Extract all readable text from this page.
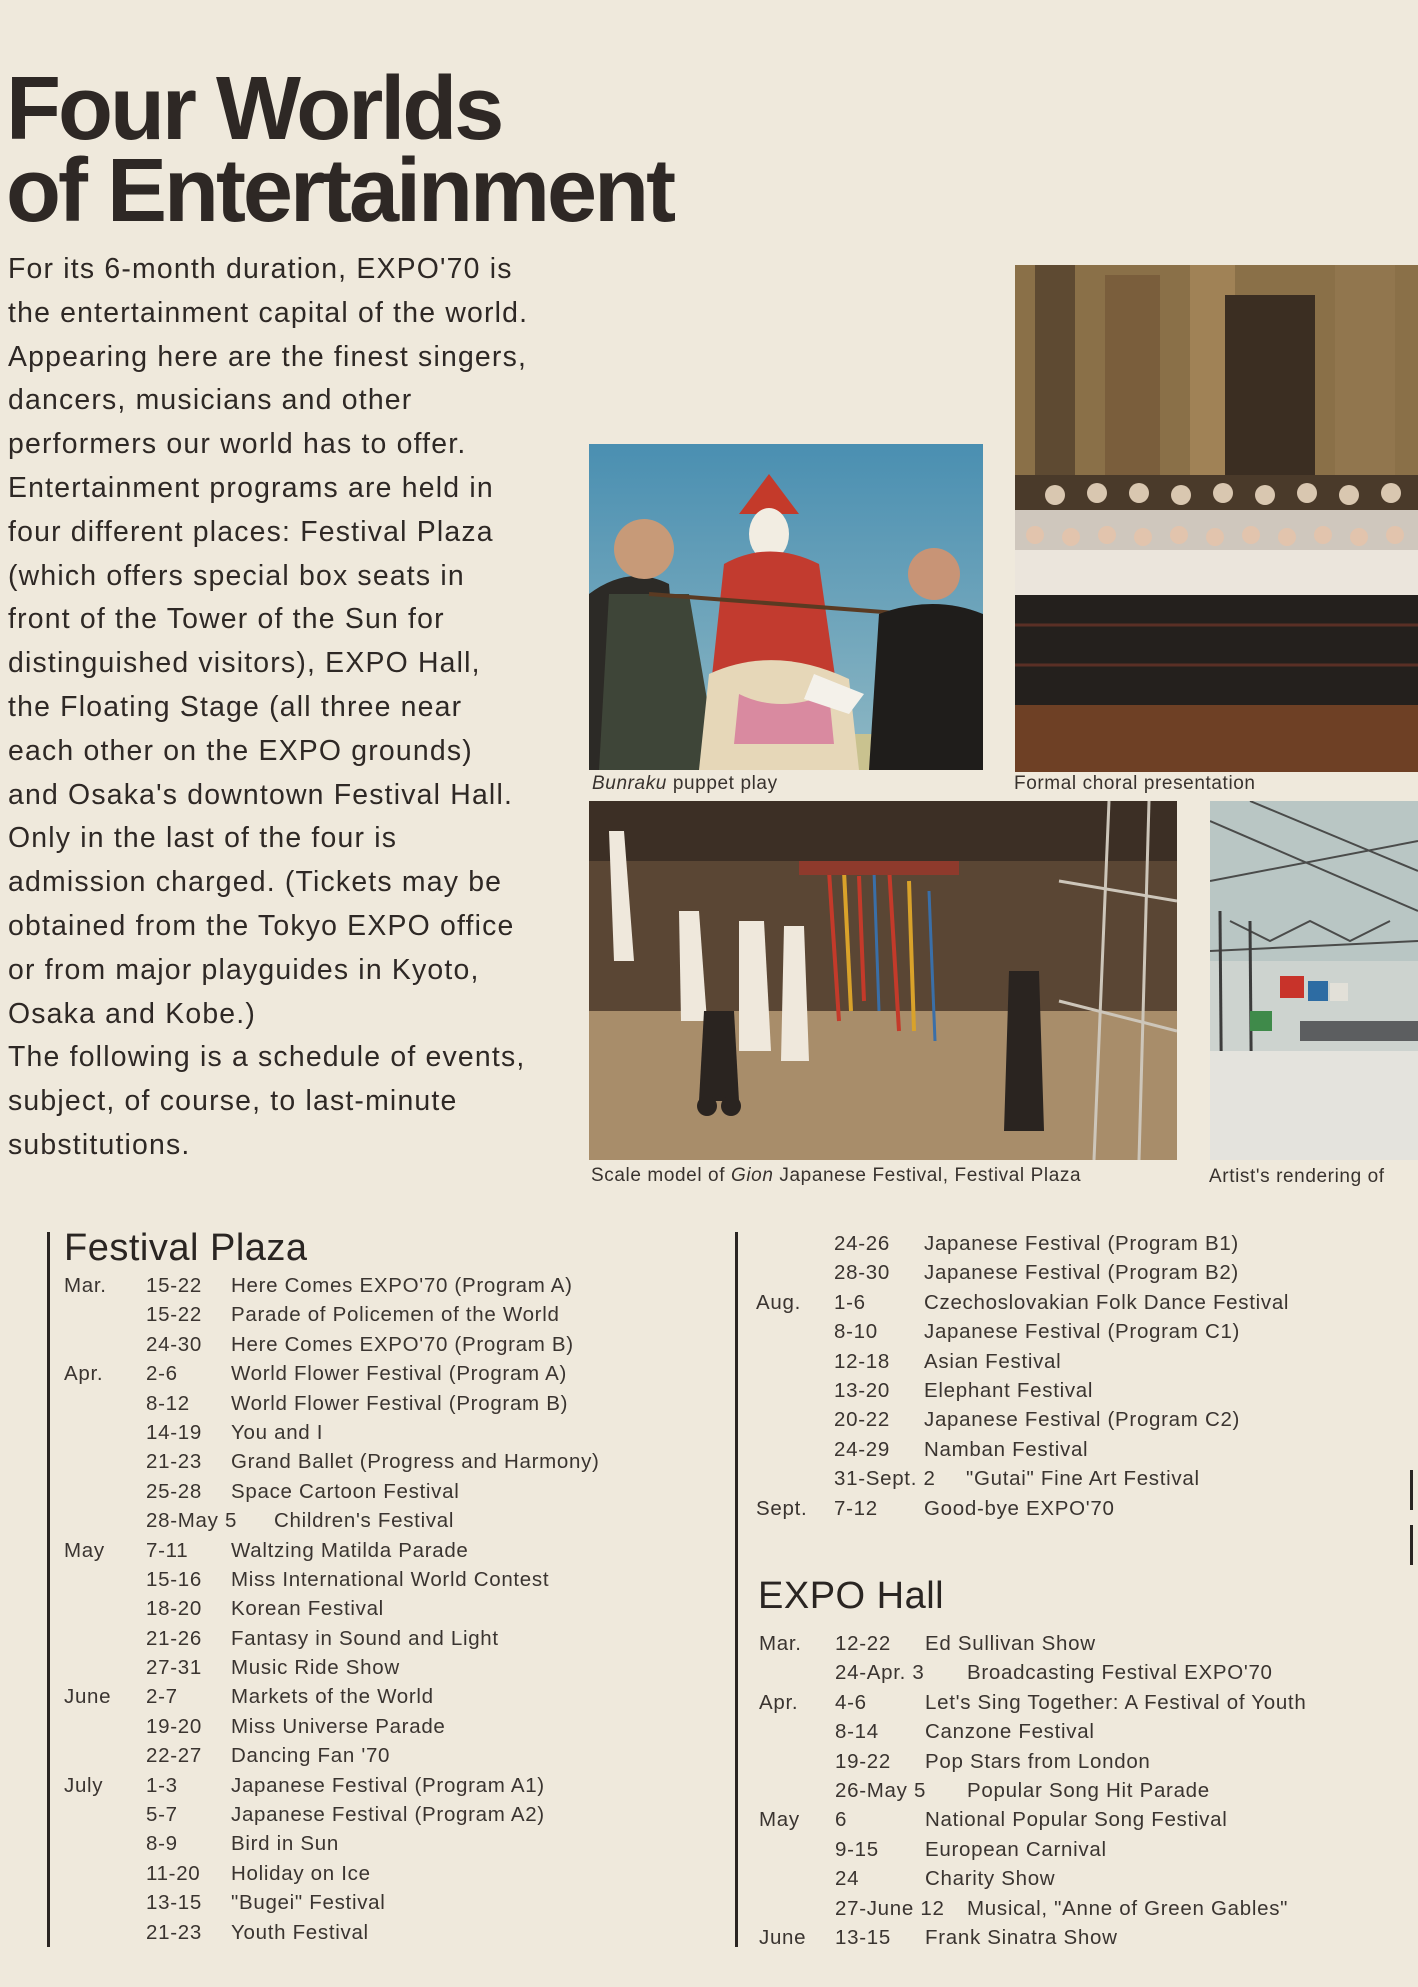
Four Worlds
of Entertainment

For its 6-month duration, EXPO'70 is
the entertainment capital of the world.
Appearing here are the finest singers,
dancers, musicians and other
performers our world has to offer.
Entertainment programs are held in
four different places: Festival Plaza
(which offers special box seats in
front of the Tower of the Sun for
distinguished visitors), EXPO Hall,
the Floating Stage (all three near
each other on the EXPO grounds)
and Osaka's downtown Festival Hall.
Only in the last of the four is
admission charged. (Tickets may be
obtained from the Tokyo EXPO office
or from major playguides in Kyoto,
Osaka and Kobe.)
The following is a schedule of events,
subject, of course, to last-minute
substitutions.

Bunraku puppet play	Formal choral presentation
Scale model of Gion Japanese Festival, Festival Plaza	Artist's rendering of
Festival Plaza
Mar. 15-22 Here Comes EXPO'70 (Program A)
15-22 Parade of Policemen of the World
24-30 Here Comes EXPO'70 (Program B)
Apr. 2-6	World Flower Festival (Program A)
8-12 World Flower Festival (Program B)
14-19 You and I
21-23 Grand Ballet (Progress and Harmony)
25-28 Space Cartoon Festival
28-May 5 Children's Festival
May 7-11 Waltzing Matilda Parade
15-16 Miss International World Contest
18-20 Korean Festival
21-26 Fantasy in Sound and Light
27-31 Music Ride Show
June 2-7	Markets of the World
19-20 Miss Universe Parade
22-27 Dancing Fan '70
July 1-3	Japanese Festival (Program A1)
5-7	Japanese Festival (Program A2)
8-9	Bird in Sun
11-20 Holiday on Ice
13-15 "Bugei" Festival
21-23 Youth Festival
24-26 Japanese Festival (Program B1)
28-30 Japanese Festival (Program B2)
Aug. 1-6	Czechoslovakian Folk Dance Festival
8-10 Japanese Festival (Program C1)
12-18 Asian Festival
13-20 Elephant Festival
20-22 Japanese Festival (Program C2)
24-29 Namban Festival
31-Sept. 2 "Gutai" Fine Art Festival
Sept. 7-12 Good-bye EXPO'70
EXPO Hall
Mar. 12-22 Ed Sullivan Show
24-Apr. 3 Broadcasting Festival EXPO'70
Apr. 4-6	Let's Sing Together: A Festival of Youth
8-14 Canzone Festival
19-22 Pop Stars from London
26-May 5 Popular Song Hit Parade
May 6	National Popular Song Festival
9-15 European Carnival
24	Charity Show
27-June 12 Musical, "Anne of Green Gables"
June 13-15 Frank Sinatra Show
